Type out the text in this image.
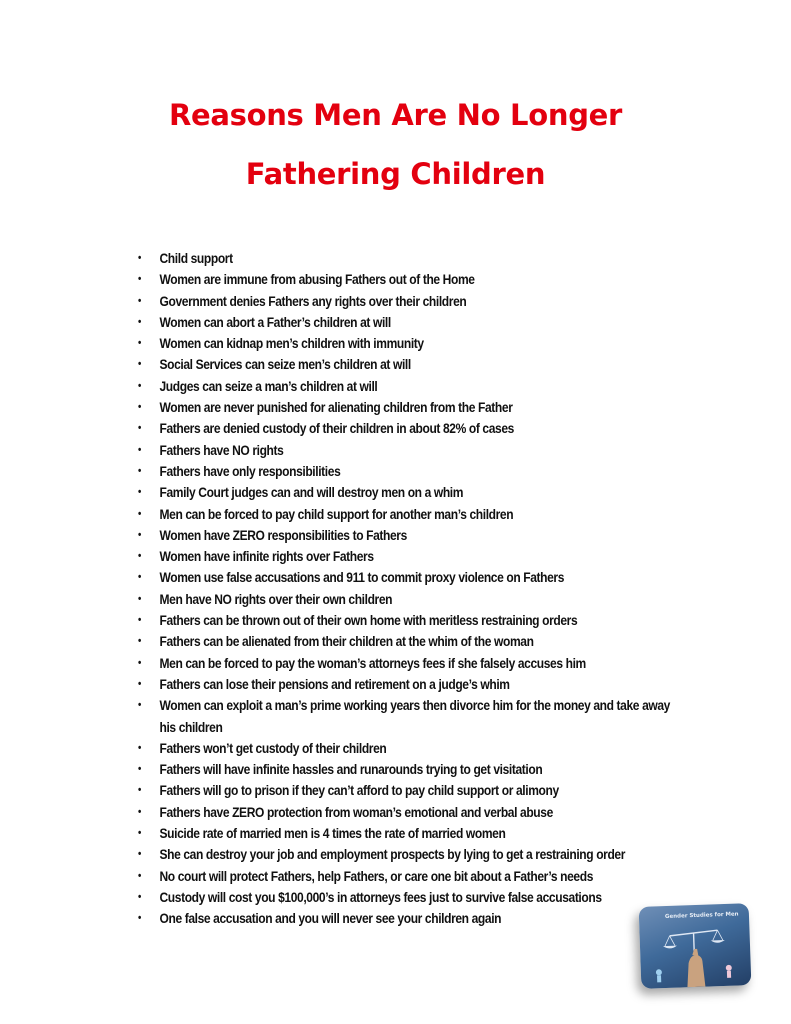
Reasons Men Are No Longer
Fathering Children
• Child support
• Women are immune from abusing Fathers out of the Home
• Government denies Fathers any rights over their children
• Women can abort a Father’s children at will
• Women can kidnap men’s children with immunity
• Social Services can seize men’s children at will
• Judges can seize a man’s children at will
• Women are never punished for alienating children from the Father
• Fathers are denied custody of their children in about 82% of cases
• Fathers have NO rights
• Fathers have only responsibilities
• Family Court judges can and will destroy men on a whim
• Men can be forced to pay child support for another man’s children
• Women have ZERO responsibilities to Fathers
• Women have infinite rights over Fathers
• Women use false accusations and 911 to commit proxy violence on Fathers
• Men have NO rights over their own children
• Fathers can be thrown out of their own home with meritless restraining orders
• Fathers can be alienated from their children at the whim of the woman
• Men can be forced to pay the woman’s attorneys fees if she falsely accuses him
• Fathers can lose their pensions and retirement on a judge’s whim
• Women can exploit a man’s prime working years then divorce him for the money and take away his children
• Fathers won’t get custody of their children
• Fathers will have infinite hassles and runarounds trying to get visitation
• Fathers will go to prison if they can’t afford to pay child support or alimony
• Fathers have ZERO protection from woman’s emotional and verbal abuse
• Suicide rate of married men is 4 times the rate of married women
• She can destroy your job and employment prospects by lying to get a restraining order
• No court will protect Fathers, help Fathers, or care one bit about a Father’s needs
• Custody will cost you $100,000’s in attorneys fees just to survive false accusations
• One false accusation and you will never see your children again	Gender Studies for Men
